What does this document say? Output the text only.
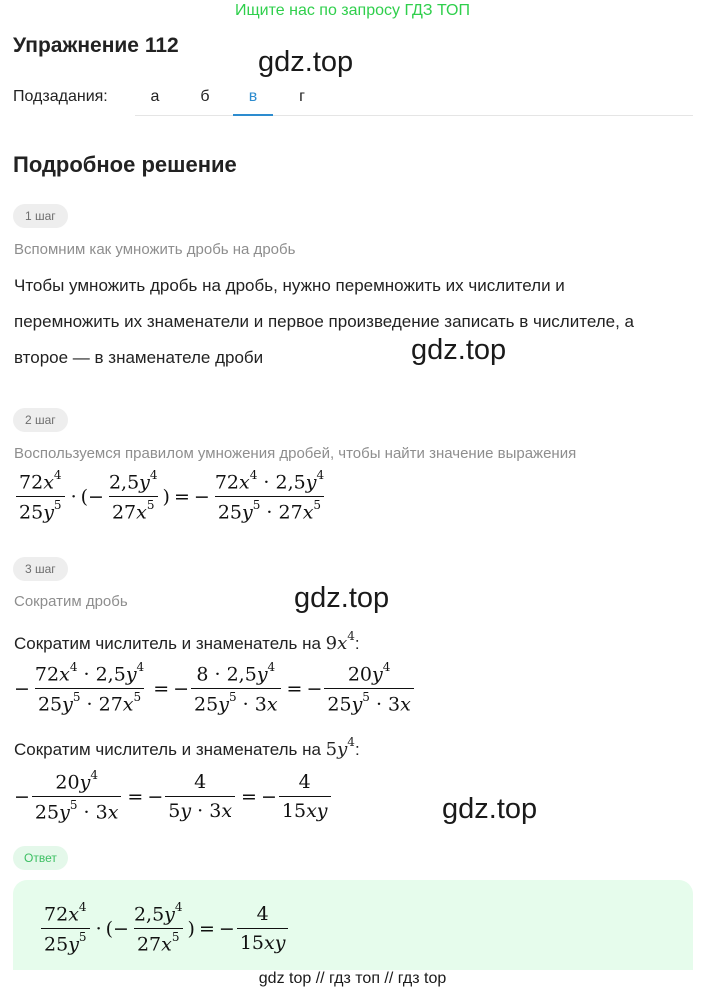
Ищите нас по запросу ГДЗ ТОП
Упражнение 112
gdz.top
gdz.top
gdz.top
gdz.top
Подзадания:	а	б	в	г
Подробное решение
1 шаг
Вспомним как умножить дробь на дробь
Чтобы умножить дробь на дробь, нужно перемножить их числители и
перемножить их знаменатели и первое произведение записать в числителе, а
второе — в знаменателе дроби
2 шаг
Воспользуемся правилом умножения дробей, чтобы найти значение выражения
$\frac{72x^4}{25y^5}$ · (− $\frac{2,5y^4}{27x^5}$ ) = − $\frac{72x^4 \cdot 2,5y^4}{25y^5 \cdot 27x^5}$
3 шаг
Сократим дробь
Сократим числитель и знаменатель на $9x^4$:
− $\frac{72x^4 \cdot 2,5y^4}{25y^5 \cdot 27x^5}$ = − $\frac{8 \cdot 2,5y^4}{25y^5 \cdot 3x}$ = − $\frac{20y^4}{25y^5 \cdot 3x}$
Сократим числитель и знаменатель на $5y^4$:
− $\frac{20y^4}{25y^5 \cdot 3x}$ = − $\frac{4}{5y \cdot 3x}$ = − $\frac{4}{15xy}$
Ответ
$\frac{72x^4}{25y^5}$ · (− $\frac{2,5y^4}{27x^5}$ ) = − $\frac{4}{15xy}$
gdz top // гдз топ // гдз top
